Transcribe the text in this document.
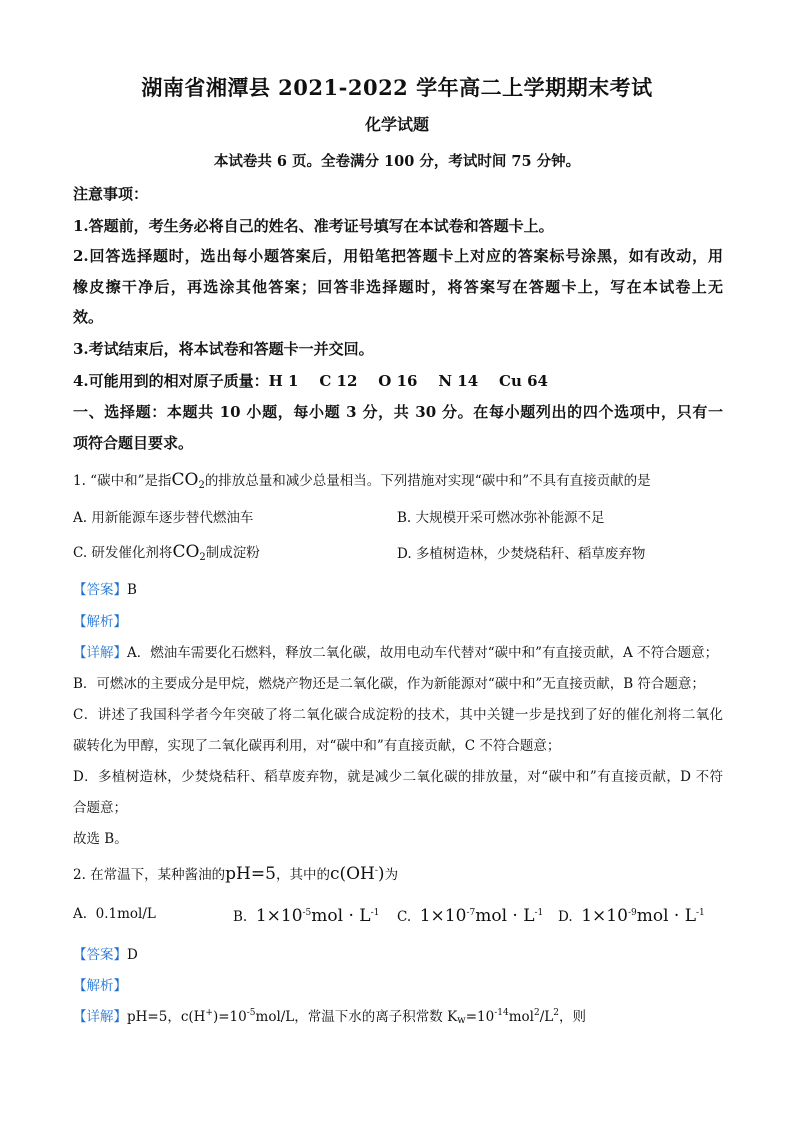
湖南省湘潭县 2021-2022 学年高二上学期期末考试
化学试题
本试卷共 6 页。全卷满分 100 分，考试时间 75 分钟。
注意事项：
1.答题前，考生务必将自己的姓名、准考证号填写在本试卷和答题卡上。
2.回答选择题时，选出每小题答案后，用铅笔把答题卡上对应的答案标号涂黑，如有改动，用
橡皮擦干净后，再选涂其他答案；回答非选择题时，将答案写在答题卡上，写在本试卷上无
效。
3.考试结束后，将本试卷和答题卡一并交回。
4.可能用到的相对原子质量：H 1    C 12    O 16    N 14    Cu 64
一、选择题：本题共 10 小题，每小题 3 分，共 30 分。在每小题列出的四个选项中，只有一
项符合题目要求。
1. “碳中和”是指$CO_2$的排放总量和减少总量相当。下列措施对实现“碳中和”不具有直接贡献的是
A. 用新能源车逐步替代燃油车	B. 大规模开采可燃冰弥补能源不足
C. 研发催化剂将$CO_2$制成淀粉	D. 多植树造林，少焚烧秸秆、稻草废弃物
【答案】B
【解析】
【详解】A．燃油车需要化石燃料，释放二氧化碳，故用电动车代替对“碳中和”有直接贡献，A 不符合题意；
B．可燃冰的主要成分是甲烷，燃烧产物还是二氧化碳，作为新能源对“碳中和”无直接贡献，B 符合题意；
C．讲述了我国科学者今年突破了将二氧化碳合成淀粉的技术，其中关键一步是找到了好的催化剂将二氧化
碳转化为甲醇，实现了二氧化碳再利用，对“碳中和”有直接贡献，C 不符合题意；
D．多植树造林，少焚烧秸秆、稻草废弃物，就是减少二氧化碳的排放量，对“碳中和”有直接贡献，D 不符
合题意；
故选 B。
2. 在常温下，某种酱油的pH=5，其中的c(OH-)为
A. 0.1mol/L	B. $1\times 10^{-5}mol \cdot L^{-1}$ C. $1\times 10^{-7}mol \cdot L^{-1}$ D. $1\times 10^{-9}mol \cdot L^{-1}$
【答案】D
【解析】
【详解】pH=5，$c(H^+)=10^{-5}mol/L$，常温下水的离子积常数 $K_w=10^{-14}mol^2/L^2$，则
